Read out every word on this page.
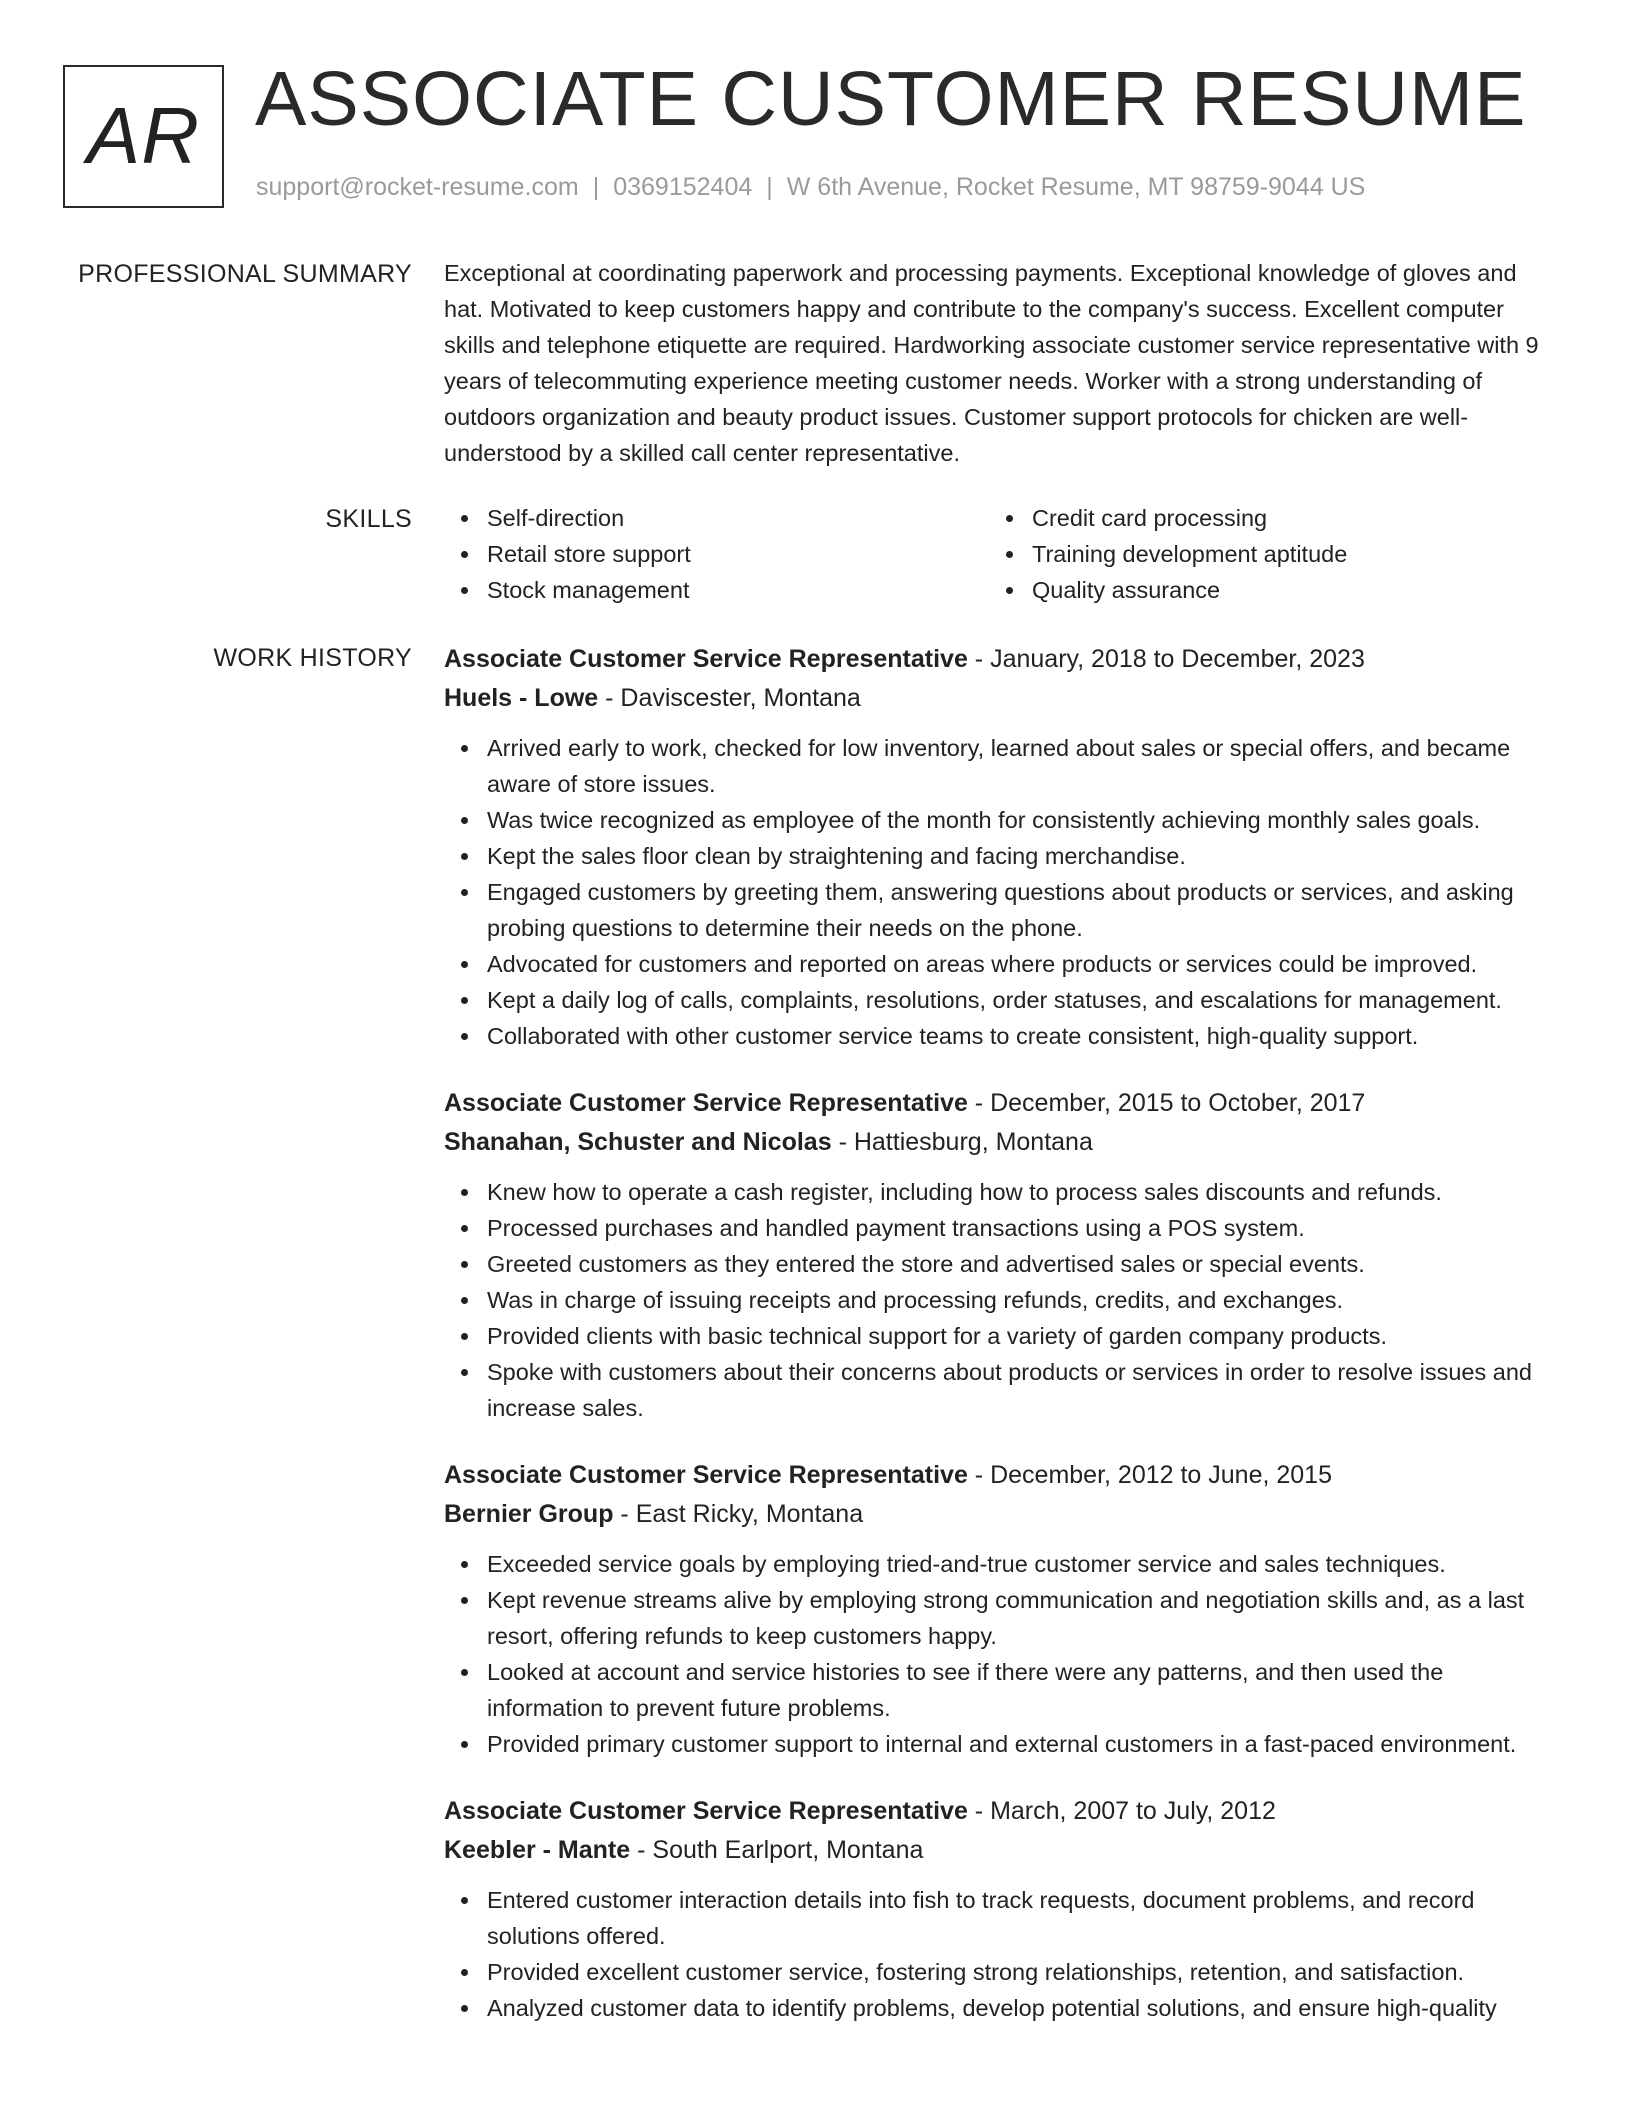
AR ASSOCIATE CUSTOMER RESUME
support@rocket-resume.com | 0369152404 | W 6th Avenue, Rocket Resume, MT 98759-9044 US
PROFESSIONAL SUMMARY Exceptional at coordinating paperwork and processing payments. Exceptional knowledge of gloves and hat. Motivated to keep customers happy and contribute to the company's success. Excellent computer skills and telephone etiquette are required. Hardworking associate customer service representative with 9 years of telecommuting experience meeting customer needs. Worker with a strong understanding of outdoors organization and beauty product issues. Customer support protocols for chicken are well-understood by a skilled call center representative.

SKILLS	Self-direction
Retail store support
Stock management
Credit card processing
Training development aptitude
Quality assurance
WORK HISTORY Associate Customer Service Representative - January, 2018 to December, 2023
Huels - Lowe - Daviscester, Montana
Arrived early to work, checked for low inventory, learned about sales or special offers, and became aware of store issues.
Was twice recognized as employee of the month for consistently achieving monthly sales goals.
Kept the sales floor clean by straightening and facing merchandise.
Engaged customers by greeting them, answering questions about products or services, and asking probing questions to determine their needs on the phone.
Advocated for customers and reported on areas where products or services could be improved.
Kept a daily log of calls, complaints, resolutions, order statuses, and escalations for management.
Collaborated with other customer service teams to create consistent, high-quality support.
Associate Customer Service Representative - December, 2015 to October, 2017
Shanahan, Schuster and Nicolas - Hattiesburg, Montana
Knew how to operate a cash register, including how to process sales discounts and refunds.
Processed purchases and handled payment transactions using a POS system.
Greeted customers as they entered the store and advertised sales or special events.
Was in charge of issuing receipts and processing refunds, credits, and exchanges.
Provided clients with basic technical support for a variety of garden company products.
Spoke with customers about their concerns about products or services in order to resolve issues and increase sales.
Associate Customer Service Representative - December, 2012 to June, 2015
Bernier Group - East Ricky, Montana
Exceeded service goals by employing tried-and-true customer service and sales techniques.
Kept revenue streams alive by employing strong communication and negotiation skills and, as a last resort, offering refunds to keep customers happy.
Looked at account and service histories to see if there were any patterns, and then used the information to prevent future problems.
Provided primary customer support to internal and external customers in a fast-paced environment.
Associate Customer Service Representative - March, 2007 to July, 2012
Keebler - Mante - South Earlport, Montana
Entered customer interaction details into fish to track requests, document problems, and record solutions offered.
Provided excellent customer service, fostering strong relationships, retention, and satisfaction.
Analyzed customer data to identify problems, develop potential solutions, and ensure high-quality
